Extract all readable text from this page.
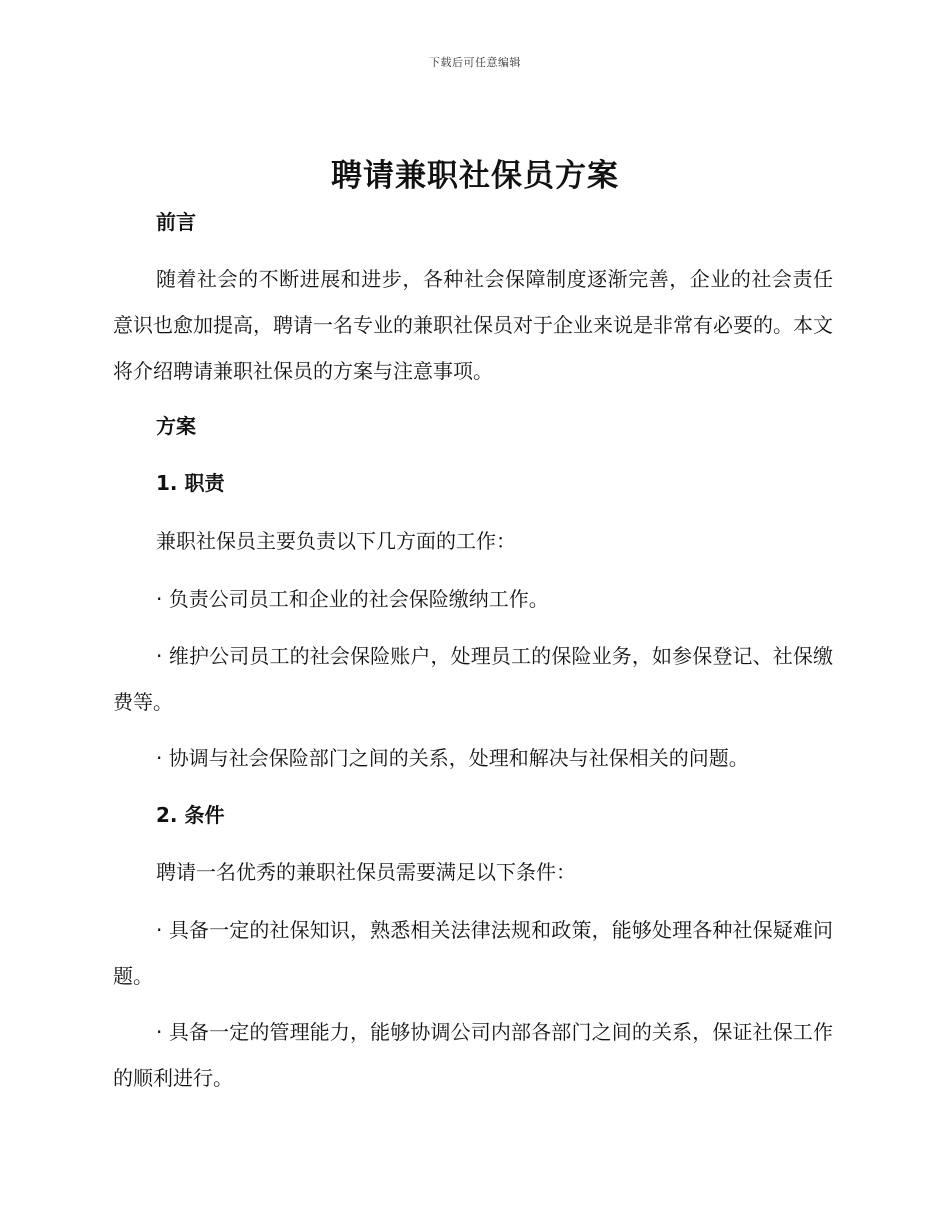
下载后可任意编辑
聘请兼职社保员方案

前言

随着社会的不断进展和进步，各种社会保障制度逐渐完善，企业的社会责任意识也愈加提高，聘请一名专业的兼职社保员对于企业来说是非常有必要的。本文将介绍聘请兼职社保员的方案与注意事项。

方案

1. 职责

兼职社保员主要负责以下几方面的工作：

· 负责公司员工和企业的社会保险缴纳工作。

· 维护公司员工的社会保险账户，处理员工的保险业务，如参保登记、社保缴费等。

· 协调与社会保险部门之间的关系，处理和解决与社保相关的问题。

2. 条件

聘请一名优秀的兼职社保员需要满足以下条件：

· 具备一定的社保知识，熟悉相关法律法规和政策，能够处理各种社保疑难问题。

· 具备一定的管理能力，能够协调公司内部各部门之间的关系，保证社保工作的顺利进行。
